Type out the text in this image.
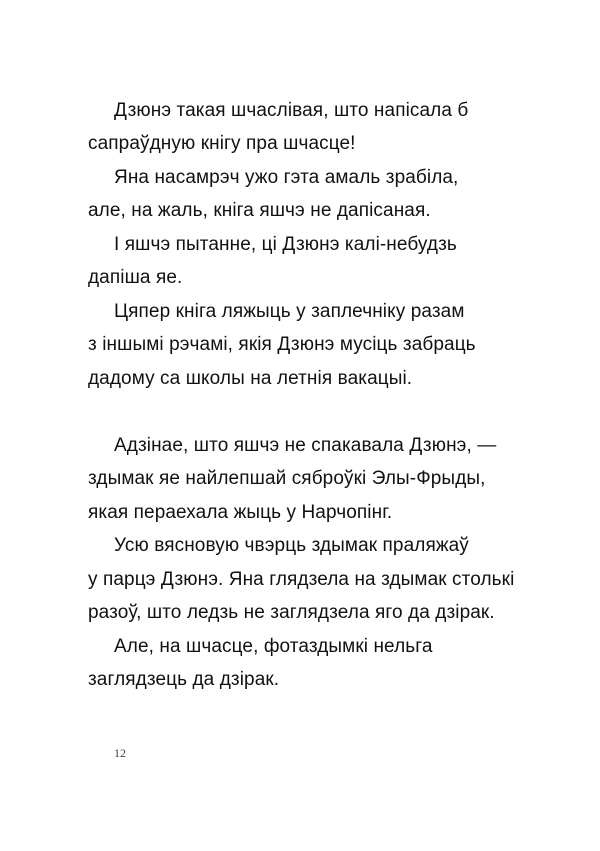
Дзюнэ такая шчаслівая, што напісала б
сапраўдную кнігу пра шчасце!
Яна насамрэч ужо гэта амаль зрабіла,
але, на жаль, кніга яшчэ не дапісаная.
І яшчэ пытанне, ці Дзюнэ калі-небудзь
дапіша яе.
Цяпер кніга ляжыць у заплечніку разам
з іншымі рэчамі, якія Дзюнэ мусіць забраць
дадому са школы на летнія вакацыі.
Адзінае, што яшчэ не спакавала Дзюнэ, —
здымак яе найлепшай сяброўкі Элы-Фрыды,
якая пераехала жыць у Нарчопінг.
Усю вясновую чвэрць здымак праляжаў
у парцэ Дзюнэ. Яна глядзела на здымак столькі
разоў, што ледзь не заглядзела яго да дзірак.
Але, на шчасце, фотаздымкі нельга
заглядзець да дзірак.
12
